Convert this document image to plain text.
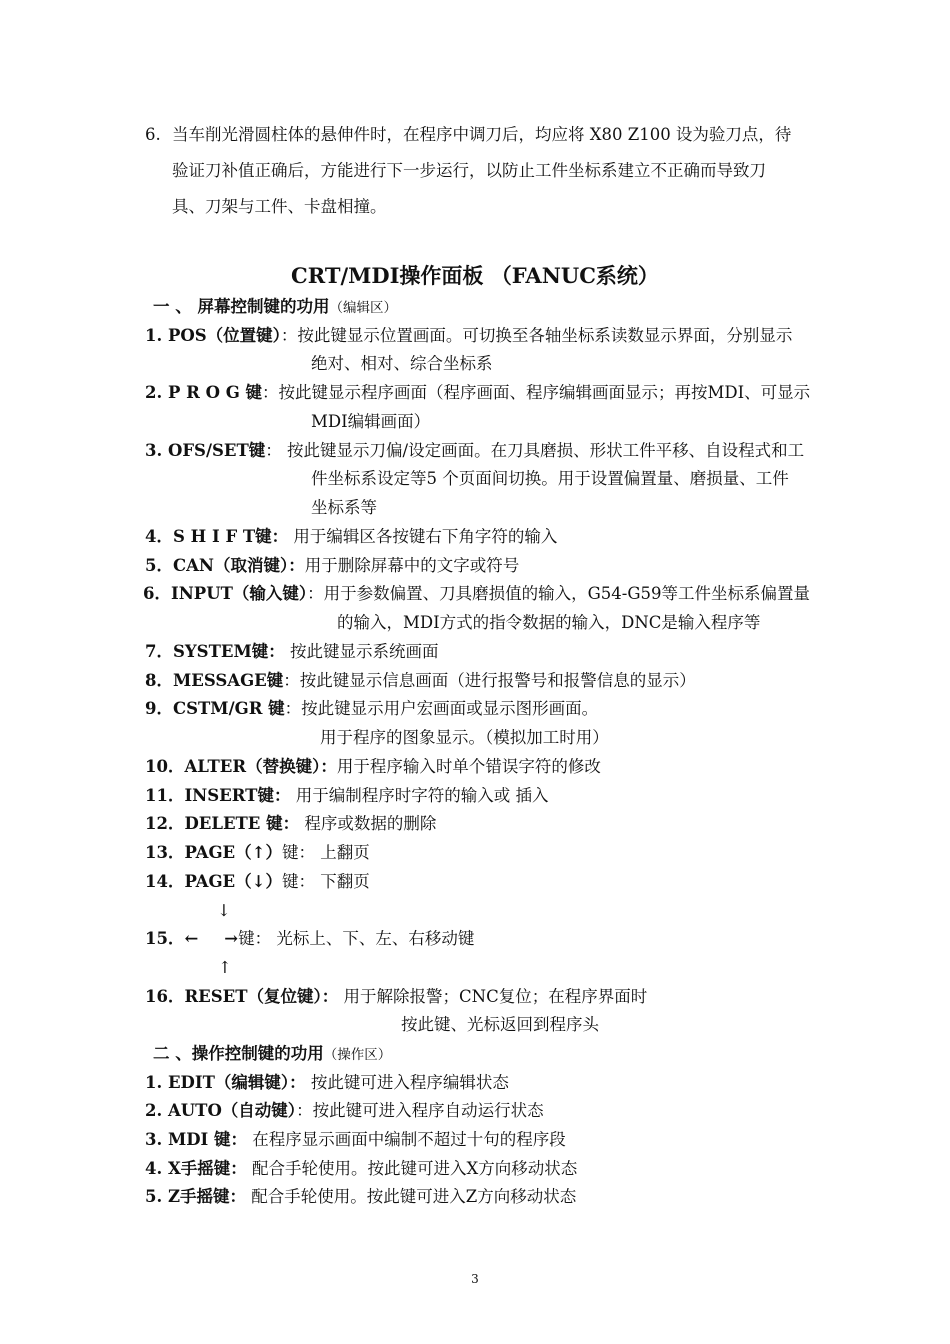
6. 当车削光滑圆柱体的悬伸件时，在程序中调刀后，均应将 X80 Z100 设为验刀点，待
验证刀补值正确后，方能进行下一步运行，以防止工件坐标系建立不正确而导致刀
具、刀架与工件、卡盘相撞。
CRT/MDI操作面板 （FANUC系统）
一 、 屏幕控制键的功用（编辑区）
1. POS（位置键）：按此键显示位置画面。可切换至各轴坐标系读数显示界面，分别显示
绝对、相对、综合坐标系
2. P R O G 键：按此键显示程序画面（程序画面、程序编辑画面显示；再按MDI、可显示
MDI编辑画面）
3. OFS/SET键： 按此键显示刀偏/设定画面。在刀具磨损、形状工件平移、自设程式和工
件坐标系设定等5 个页面间切换。用于设置偏置量、磨损量、工件
坐标系等
4．S H I F T键： 用于编辑区各按键右下角字符的输入
5．CAN（取消键）：用于删除屏幕中的文字或符号
6．INPUT（输入键）：用于参数偏置、刀具磨损值的输入，G54-G59等工件坐标系偏置量
的输入，MDI方式的指令数据的输入，DNC是输入程序等
7．SYSTEM键： 按此键显示系统画面
8．MESSAGE键：按此键显示信息画面（进行报警号和报警信息的显示）
9．CSTM/GR 键：按此键显示用户宏画面或显示图形画面。
用于程序的图象显示。（模拟加工时用）
10．ALTER（替换键）：用于程序输入时单个错误字符的修改
11．INSERT键： 用于编制程序时字符的输入或 插入
12．DELETE 键： 程序或数据的删除
13．PAGE（↑）键： 上翻页
14．PAGE（↓）键： 下翻页
↓
15．← →键： 光标上、下、左、右移动键
↑
16．RESET（复位键）： 用于解除报警；CNC复位；在程序界面时
按此键、光标返回到程序头
二 、操作控制键的功用（操作区）
1. EDIT（编辑键）： 按此键可进入程序编辑状态
2. AUTO（自动键）：按此键可进入程序自动运行状态
3. MDI 键： 在程序显示画面中编制不超过十句的程序段
4. X手摇键： 配合手轮使用。按此键可进入X方向移动状态
5. Z手摇键： 配合手轮使用。按此键可进入Z方向移动状态
3
